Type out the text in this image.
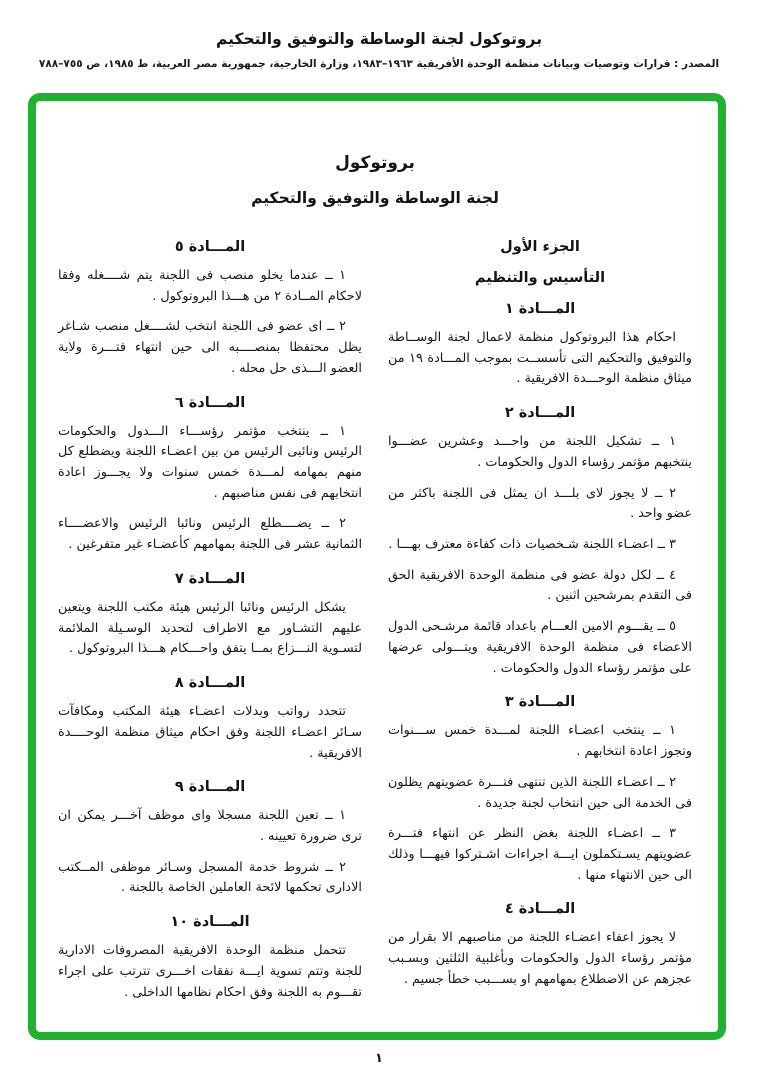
بروتوكول لجنة الوساطة والتوفيق والتحكيم
المصدر : قرارات وتوصيات وبيانات منظمة الوحدة الأفريقية ١٩٦٣–١٩٨٣، وزارة الخارجية، جمهورية مصر العربية، ط ١٩٨٥، ص ٧٥٥–٧٨٨
بروتوكول
لجنة الوساطة والتوفيق والتحكيم
الجزء الأول
التأسيس والتنظيم
المـــادة ١
احكام هذا البروتوكول منظمة لاعمال لجنة الوســاطة والتوفيق والتحكيم التى تأسســت بموجب المـــادة ١٩ من ميثاق منظمة الوحـــدة الافريقية .
المـــادة ٢
١ ــ تشكيل اللجنة من واحـــد وعشرين عضـــوا ينتخبهم مؤتمر رؤساء الدول والحكومات .
٢ ــ لا يجوز لاى بلـــد ان يمثل فى اللجنة باكثر من عضو واحد .
٣ ــ اعضـاء اللجنة شـخصيات ذات كفاءة معترف بهـــا .
٤ ــ لكل دولة عضو فى منظمة الوحدة الافريقية الحق فى التقدم بمرشحين اثنين .
٥ ــ يقـــوم الامين العـــام باعداد قائمة مرشـحى الدول الاعضاء فى منظمة الوحدة الافريقية ويتـــولى عرضها على مؤتمر رؤساء الدول والحكومات .
المـــادة ٣
١ ــ ينتخب اعضـاء اللجنة لمـــدة خمس ســـنوات وتجوز اعادة انتخابهم .
٢ ــ اعضـاء اللجنة الذين تنتهى فتـــرة عضويتهم يظلون فى الخدمة الى حين انتخاب لجنة جديدة .
٣ ــ اعضـاء اللجنة بغض النظر عن انتهاء فتـــرة عضويتهم يسـتكملون ايـــة اجراءات اشـتركوا فيهـــا وذلك الى حين الانتهاء منها .
المـــادة ٤
لا يجوز اعفاء اعضـاء اللجنة من مناصبهم الا بقرار من مؤتمر رؤساء الدول والحكومات وبأغلبية الثلثين وبسـبب عجزهم عن الاضطلاع بمهامهم او بســـبب خطأ جسيم .
المـــادة ٥
١ ــ عندما يخلو منصب فى اللجنة يتم شــــغله وفقا لاحكام المــادة ٢ من هـــذا البروتوكول .
٢ ــ اى عضو فى اللجنة انتخب لشــــغل منصب شـاغر يظل محتفظا بمنصــــبه الى حين انتهاء فتـــرة ولاية العضو الـــذى حل محله .
المـــادة ٦
١ ــ ينتخب مؤتمر رؤســـاء الـــدول والحكومات الرئيس ونائبى الرئيس من بين اعضـاء اللجنة ويضطلع كل منهم بمهامه لمـــدة خمس سنوات ولا يجـــوز اعادة انتخابهم فى نفس مناصبهم .
٢ ــ يضــــطلع الرئيس ونائبا الرئيس والاعضــــاء الثمانية عشر فى اللجنة بمهامهم كأعضـاء غير متفرغين .
المـــادة ٧
يشكل الرئيس ونائبا الرئيس هيئة مكتب اللجنة ويتعين عليهم التشـاور مع الاطراف لتحديد الوسـيلة الملائمة لتسـوية النـــزاع بمــا يتفق واحـــكام هـــذا البروتوكول .
المـــادة ٨
تتحدد رواتب وبدلات اعضـاء هيئة المكتب ومكافآت سـائر اعضـاء اللجنة وفق احكام ميثاق منظمة الوحــــدة الافريقية .
المـــادة ٩
١ ــ تعين اللجنة مسجلا واى موظف آخـــر يمكن ان ترى ضرورة تعيينه .
٢ ــ شروط خدمة المسجل وسـائر موظفى المــكتب الادارى تحكمها لائحة العاملين الخاصة باللجنة .
المـــادة ١٠
تتحمل منظمة الوحدة الافريقية المصروفات الادارية للجنة وتتم تسوية ايـــة نفقات اخـــرى تترتب على اجراء تقـــوم به اللجنة وفق احكام نظامها الداخلى .
١
